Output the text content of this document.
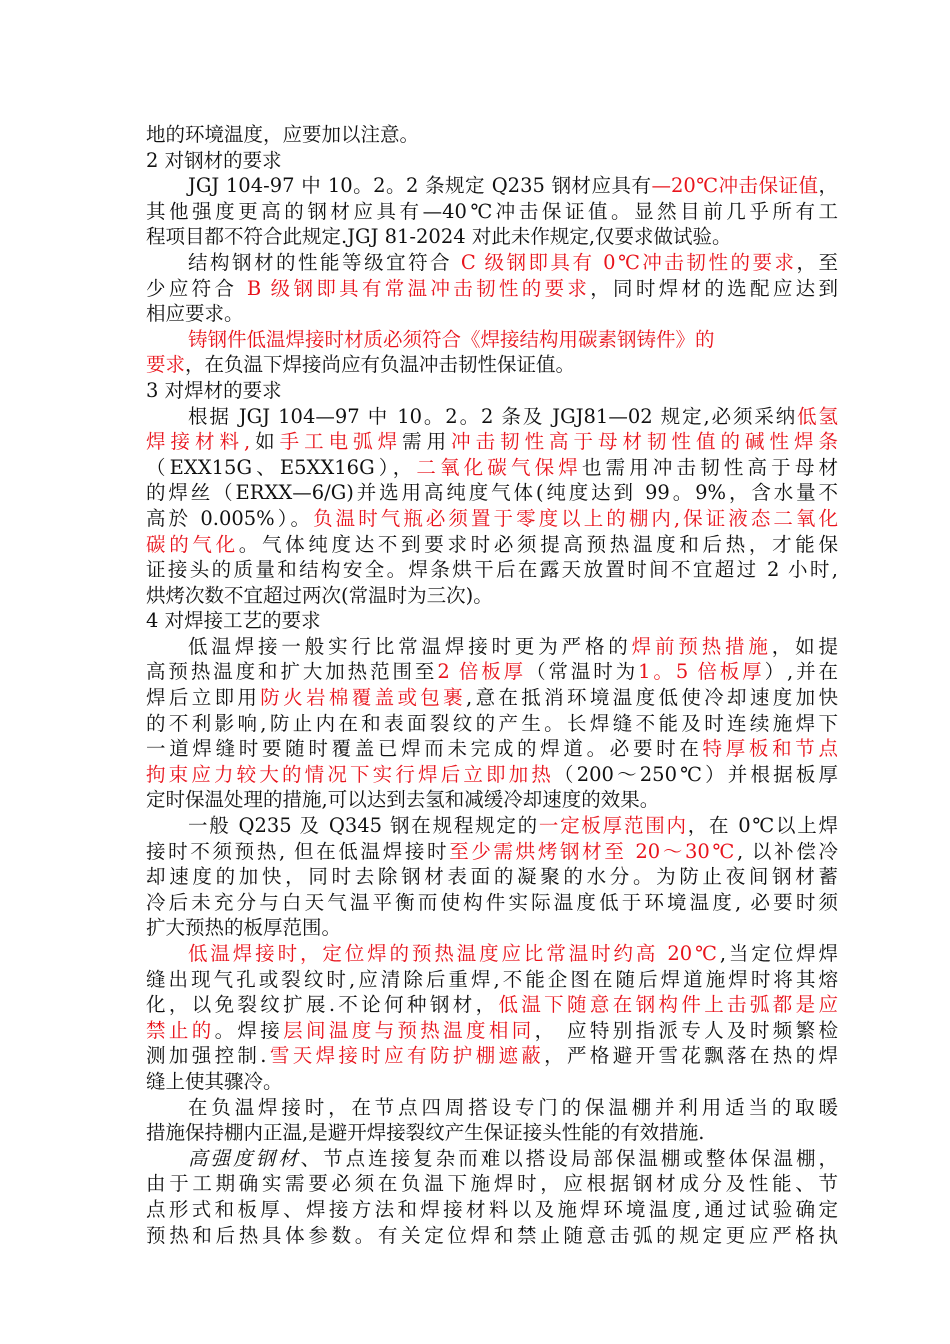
地的环境温度，应要加以注意。
2 对钢材的要求
JGJ 104-97 中 10。2。2 条规定 Q235 钢材应具有—20℃冲击保证值，
其他强度更高的钢材应具有—40℃冲击保证值。显然目前几乎所有工
程项目都不符合此规定.JGJ 81-2024 对此未作规定,仅要求做试验。
结构钢材的性能等级宜符合 C 级钢即具有 0℃冲击韧性的要求，至
少应符合 B 级钢即具有常温冲击韧性的要求，同时焊材的选配应达到
相应要求。
铸钢件低温焊接时材质必须符合《焊接结构用碳素钢铸件》的
要求，在负温下焊接尚应有负温冲击韧性保证值。
3 对焊材的要求
根据 JGJ 104—97 中 10。2。2 条及 JGJ81—02 规定,必须采纳低氢
焊接材料,如手工电弧焊需用冲击韧性高于母材韧性值的碱性焊条
（EXX15G、E5XX16G），二氧化碳气保焊也需用冲击韧性高于母材
的焊丝（ERXX—6/G)并选用高纯度气体(纯度达到 99。9%，含水量不
高於 0.005%）。负温时气瓶必须置于零度以上的棚内,保证液态二氧化
碳的气化。气体纯度达不到要求时必须提高预热温度和后热，才能保
证接头的质量和结构安全。焊条烘干后在露天放置时间不宜超过 2 小时,
烘烤次数不宜超过两次(常温时为三次)。
4 对焊接工艺的要求
低温焊接一般实行比常温焊接时更为严格的焊前预热措施，如提
高预热温度和扩大加热范围至2 倍板厚（常温时为1。5 倍板厚）,并在
焊后立即用防火岩棉覆盖或包裹,意在抵消环境温度低使冷却速度加快
的不利影响,防止内在和表面裂纹的产生。长焊缝不能及时连续施焊下
一道焊缝时要随时覆盖已焊而未完成的焊道。必要时在特厚板和节点
拘束应力较大的情况下实行焊后立即加热（200～250℃）并根据板厚
定时保温处理的措施,可以达到去氢和减缓冷却速度的效果。
一般 Q235 及 Q345 钢在规程规定的一定板厚范围内，在 0℃以上焊
接时不须预热, 但在低温焊接时至少需烘烤钢材至 20～30℃, 以补偿冷
却速度的加快，同时去除钢材表面的凝聚的水分。为防止夜间钢材蓄
冷后未充分与白天气温平衡而使构件实际温度低于环境温度, 必要时须
扩大预热的板厚范围。
低温焊接时，定位焊的预热温度应比常温时约高 20℃,当定位焊焊
缝出现气孔或裂纹时,应清除后重焊,不能企图在随后焊道施焊时将其熔
化，以免裂纹扩展.不论何种钢材，低温下随意在钢构件上击弧都是应
禁止的。焊接层间温度与预热温度相同， 应特别指派专人及时频繁检
测加强控制.雪天焊接时应有防护棚遮蔽，严格避开雪花飘落在热的焊
缝上使其骤冷。
在负温焊接时，在节点四周搭设专门的保温棚并利用适当的取暖
措施保持棚内正温,是避开焊接裂纹产生保证接头性能的有效措施.
高强度钢材、节点连接复杂而难以搭设局部保温棚或整体保温棚，
由于工期确实需要必须在负温下施焊时，应根据钢材成分及性能、节
点形式和板厚、焊接方法和焊接材料以及施焊环境温度,通过试验确定
预热和后热具体参数。有关定位焊和禁止随意击弧的规定更应严格执
